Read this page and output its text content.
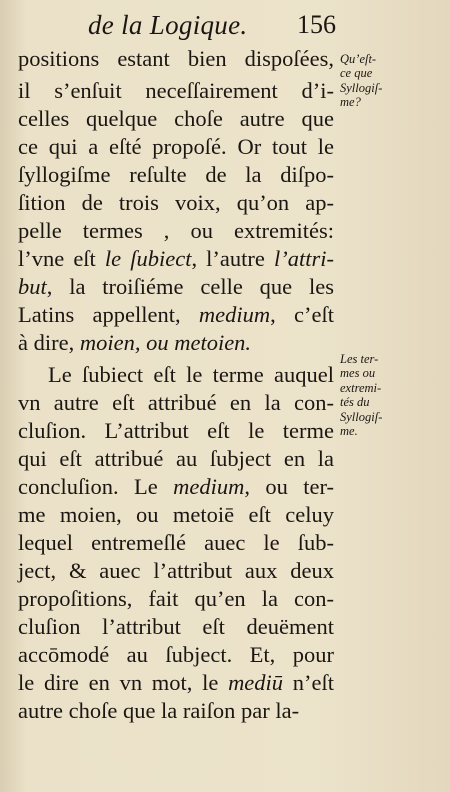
de la Logique. 156
positions estant bien dispoſées,
il s’enſuit neceſſairement d’i-
celles quelque choſe autre que
ce qui a eſté propoſé. Or tout le
ſyllogiſme reſulte de la diſpo-
ſition de trois voix, qu’on ap-
pelle termes , ou extremités:
l’vne eſt le ſubiect, l’autre l’attri-
but, la troiſiéme celle que les
Latins appellent, medium, c’eſt
à dire, moien, ou metoien.
Le ſubiect eſt le terme auquel
vn autre eſt attribué en la con-
cluſion. L’attribut eſt le terme
qui eſt attribué au ſubject en la
concluſion. Le medium, ou ter-
me moien, ou metoiē eſt celuy
lequel entremeſlé auec le ſub-
ject, & auec l’attribut aux deux
propoſitions, fait qu’en la con-
cluſion l’attribut eſt deuëment
accōmodé au ſubject. Et, pour
le dire en vn mot, le mediū n’eſt
autre choſe que la raiſon par la-
Qu’eſt-
ce que
Syllogiſ-
me?
Les ter-
mes ou
extremi-
tés du
Syllogiſ-
me.
